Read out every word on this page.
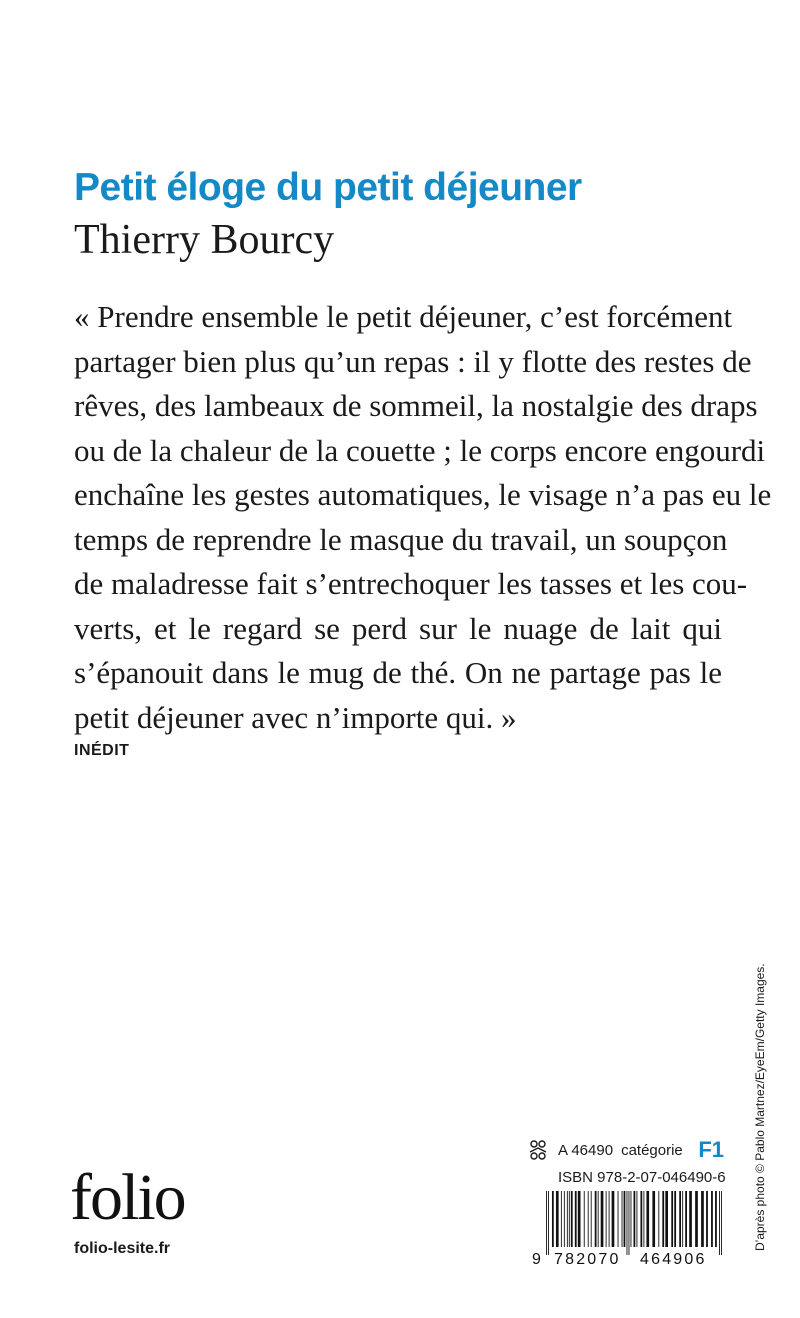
Petit éloge du petit déjeuner
Thierry Bourcy
« Prendre ensemble le petit déjeuner, c’est forcément
partager bien plus qu’un repas : il y flotte des restes de
rêves, des lambeaux de sommeil, la nostalgie des draps
ou de la chaleur de la couette ; le corps encore engourdi
enchaîne les gestes automatiques, le visage n’a pas eu le
temps de reprendre le masque du travail, un soupçon
de maladresse fait s’entrechoquer les tasses et les cou-
verts, et le regard se perd sur le nuage de lait qui
s’épanouit dans le mug de thé. On ne partage pas le
petit déjeuner avec n’importe qui. »
INÉDIT
folio
folio-lesite.fr
A 46490 catégorie F1
ISBN 978-2-07-046490-6
9 782070 464906
D’après photo © Pablo Martnez/EyeEm/Getty Images.
